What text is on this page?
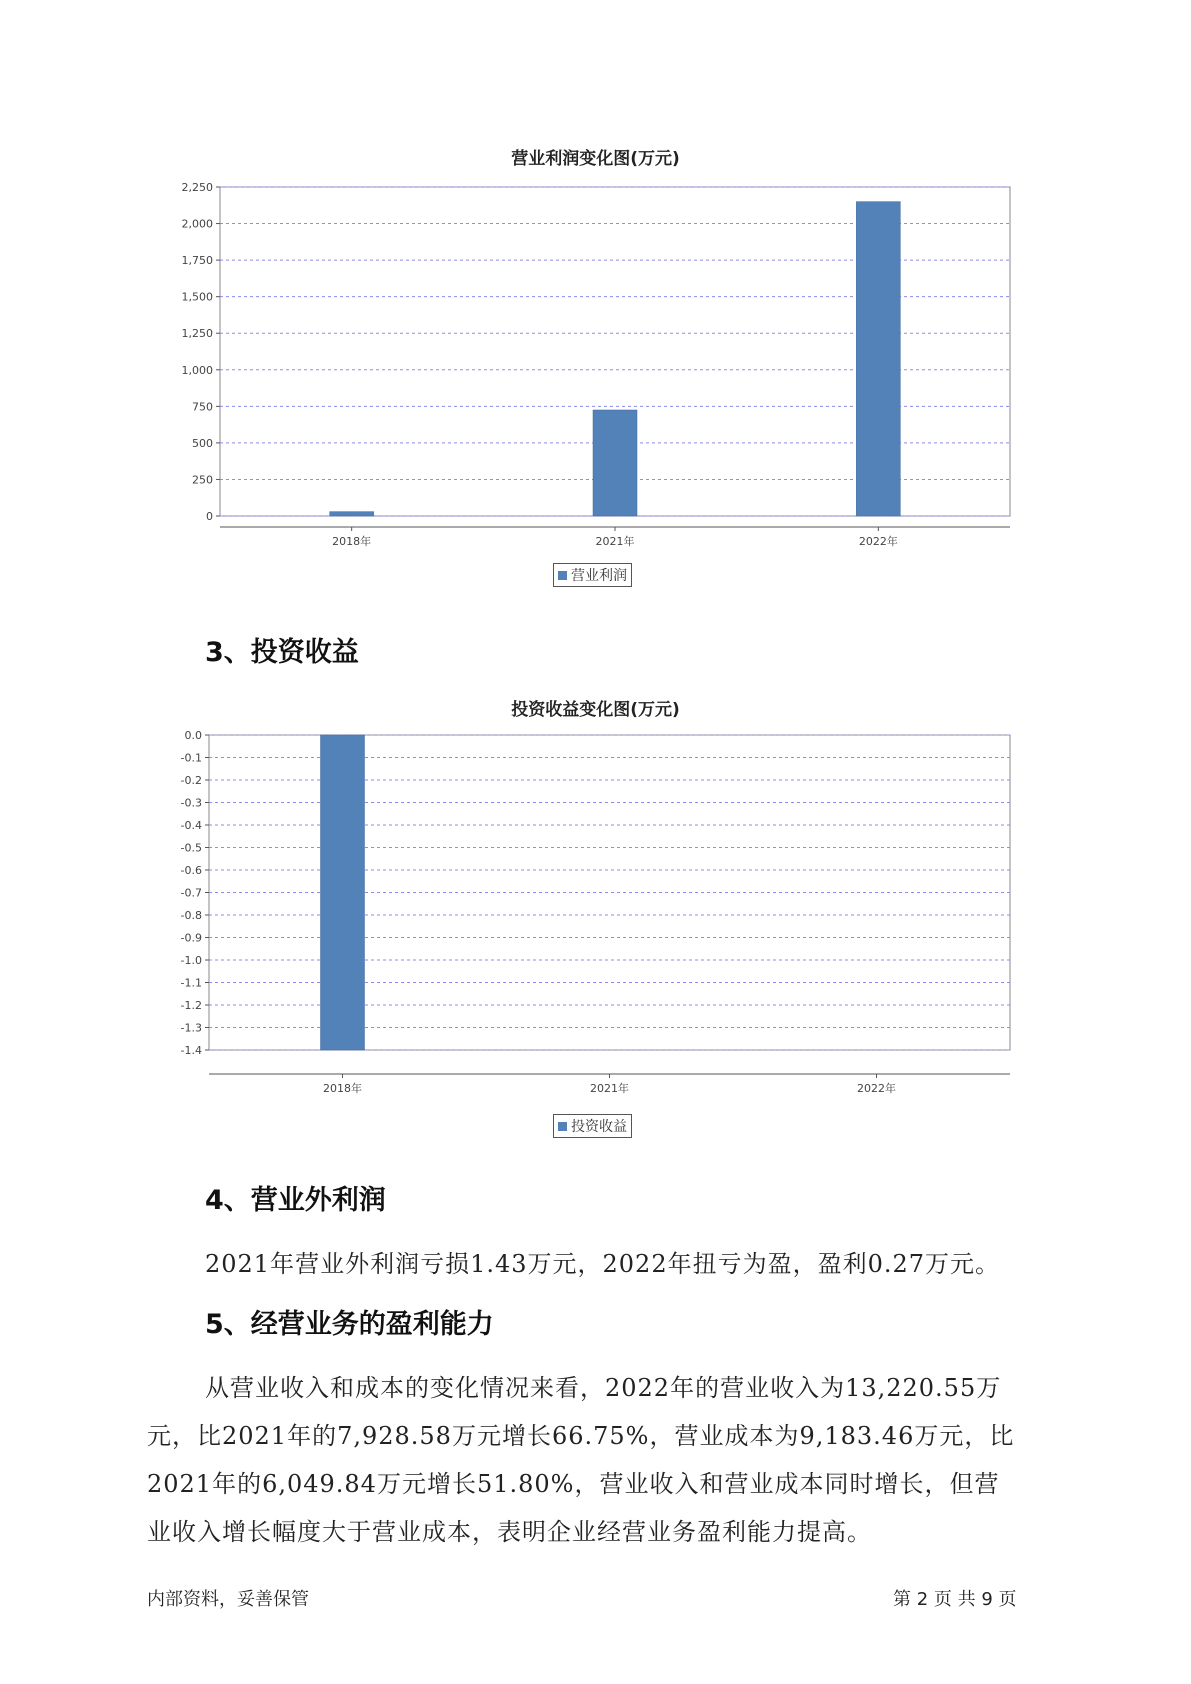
营业利润变化图(万元)
0
250
500
750
1,000
1,250
1,500
1,750
2,000
2,250
2018年	2021年	2022年
营业利润
3、投资收益
投资收益变化图(万元)
0.0
-0.1
-0.2
-0.3
-0.4
-0.5
-0.6
-0.7
-0.8
-0.9
-1.0
-1.1
-1.2
-1.3
-1.4
2018年	2021年	2022年
投资收益
4、营业外利润
2021年营业外利润亏损1.43万元，2022年扭亏为盈，盈利0.27万元。
5、经营业务的盈利能力
从营业收入和成本的变化情况来看，2022年的营业收入为13,220.55万
元，比2021年的7,928.58万元增长66.75%，营业成本为9,183.46万元，比
2021年的6,049.84万元增长51.80%，营业收入和营业成本同时增长，但营
业收入增长幅度大于营业成本，表明企业经营业务盈利能力提高。
内部资料，妥善保管	第 2 页 共 9 页
